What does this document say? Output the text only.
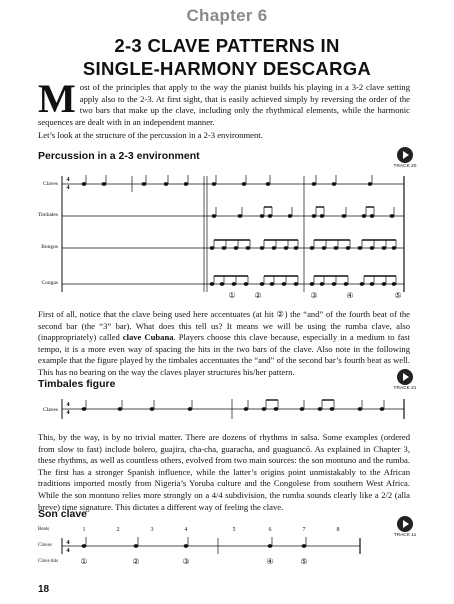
Chapter 6
2-3 CLAVE PATTERNS IN
SINGLE-HARMONY DESCARGA
Most of the principles that apply to the way the pianist builds his playing in a 3-2 clave setting apply also to the 2-3. At first sight, that is easily achieved simply by reversing the order of the two bars that make up the clave, including only the rhythmical elements, while the harmonic sequences are dealt with in an independent manner.
Let’s look at the structure of the percussion in a 2-3 environment.
Percussion in a 2-3 environment
TRACK 20
Claves
Timbales
Bongos
Congas
4
4
① ②	③	④	⑤
First of all, notice that the clave being used here accentuates (at hit ②) the “and” of the fourth beat of the second bar (the “3” bar). What does this tell us? It means we will be using the rumba clave, also (inappropriately) called clave Cubana. Players choose this clave because, especially in a medium to fast tempo, it is a more even way of spacing the hits in the two bars of the clave. Also note in the following example that the figure played by the timbales accentuates the “and” of the second bar’s fourth beat as well. This has no bearing on the way the claves player structures his/her pattern.
Timbales figure	TRACK 21
Claves
4
4
This, by the way, is by no trivial matter. There are dozens of rhythms in salsa. Some examples (ordered from slow to fast) include bolero, guajira, cha-cha, guaracha, and guaguancó. As explained in Chapter 3, these rhythms, as well as countless others, evolved from two main sources: the son montuno and the rumba. The first has a stronger Spanish influence, while the latter’s origins point unmistakably to the African traditions imported mostly from Nigeria’s Yoruba culture and the Congolese from southern West Africa. While the son montuno relies more strongly on a 4/4 subdivision, the rumba sounds clearly like a 2/2 (alla breve) time signature. This dictates a different way of feeling the clave.
Son clave
TRACK 11
Beats
Claves
Clave hits
1	2	3	4	5	6	7	8
4
4
①	②	③	④	⑤
18
